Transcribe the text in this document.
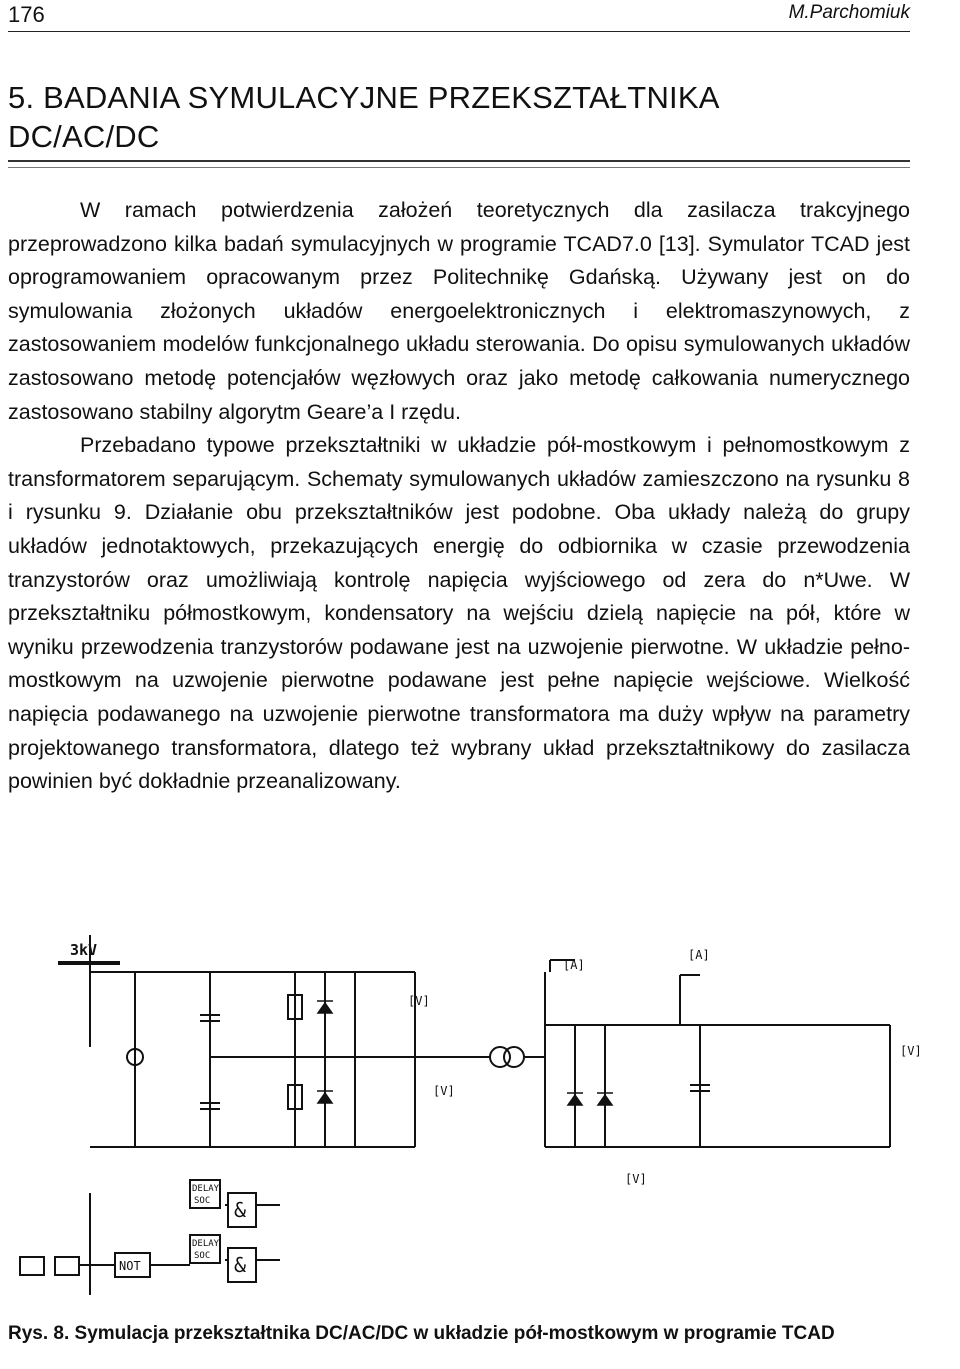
176	M.Parchomiuk
5. BADANIA SYMULACYJNE PRZEKSZTAŁTNIKA
DC/AC/DC

W ramach potwierdzenia założeń teoretycznych dla zasilacza trakcyjnego przeprowadzono kilka badań symulacyjnych w programie TCAD7.0 [13]. Symulator TCAD jest oprogramowaniem opracowanym przez Politechnikę Gdańską. Używany jest on do symulowania złożonych układów energoelektronicznych i elektromaszynowych, z zastosowaniem modelów funkcjonalnego układu sterowania. Do opisu symulowanych układów zastosowano metodę potencjałów węzłowych oraz jako metodę całkowania numerycznego zastosowano stabilny algorytm Geare’a I rzędu.

Przebadano typowe przekształtniki w układzie pół-mostkowym i pełnomostkowym z transformatorem separującym. Schematy symulowanych układów zamieszczono na rysunku 8 i rysunku 9. Działanie obu przekształtników jest podobne. Oba układy należą do grupy układów jednotaktowych, przekazujących energię do odbiornika w czasie przewodzenia tranzystorów oraz umożliwiają kontrolę napięcia wyjściowego od zera do n*Uwe. W przekształtniku półmostkowym, kondensatory na wejściu dzielą napięcie na pół, które w wyniku przewodzenia tranzystorów podawane jest na uzwojenie pierwotne. W układzie pełno-mostkowym na uzwojenie pierwotne podawane jest pełne napięcie wejściowe. Wielkość napięcia podawanego na uzwojenie pierwotne transformatora ma duży wpływ na parametry projektowanego transformatora, dlatego też wybrany układ przekształtnikowy do zasilacza powinien być dokładnie przeanalizowany.

3kV
[A]
[A]
[V]
[V]
[V]
[V]
DELAY
SOC
DELAY
SOC
&
&
NOT

Rys. 8. Symulacja przekształtnika DC/AC/DC w układzie pół-mostkowym w programie TCAD
